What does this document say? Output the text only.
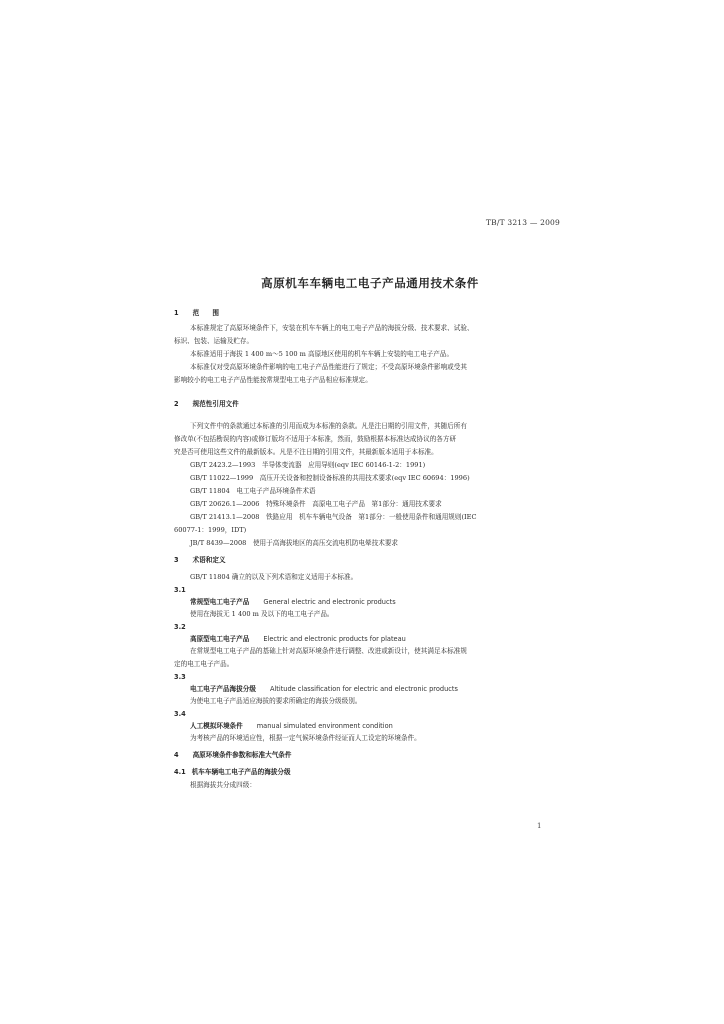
TB/T 3213 — 2009
高原机车车辆电工电子产品通用技术条件
1 范　　围
本标准规定了高原环境条件下，安装在机车车辆上的电工电子产品的海拔分级、技术要求、试验、
标识、包装、运输及贮存。
本标准适用于海拔 1 400 m～5 100 m 高原地区使用的机车车辆上安装的电工电子产品。
本标准仅对受高原环境条件影响的电工电子产品性能进行了规定；不受高原环境条件影响或受其
影响较小的电工电子产品性能按常规型电工电子产品相应标准规定。
2 规范性引用文件
下列文件中的条款通过本标准的引用而成为本标准的条款。凡是注日期的引用文件，其随后所有
修改单(不包括勘误的内容)或修订版均不适用于本标准，然而，鼓励根据本标准达成协议的各方研
究是否可使用这些文件的最新版本。凡是不注日期的引用文件，其最新版本适用于本标准。
GB/T 2423.2—1993　半导体变流器　应用导则(eqv IEC 60146-1-2：1991)
GB/T 11022—1999　高压开关设备和控制设备标准的共用技术要求(eqv IEC 60694：1996)
GB/T 11804　电工电子产品环境条件术语
GB/T 20626.1—2006　特殊环境条件　高原电工电子产品　第1部分：通用技术要求
GB/T 21413.1—2008　铁路应用　机车车辆电气设备　第1部分：一般使用条件和通用规则(IEC
60077-1：1999，IDT)
JB/T 8439—2008　使用于高海拔地区的高压交流电机防电晕技术要求
3 术语和定义
GB/T 11804 确立的以及下列术语和定义适用于本标准。
3.1
常规型电工电子产品 General electric and electronic products
使用在海拔无 1 400 m 及以下的电工电子产品。
3.2
高原型电工电子产品 Electric and electronic products for plateau
在常规型电工电子产品的基础上针对高原环境条件进行调整、改进或新设计，使其满足本标准规
定的电工电子产品。
3.3
电工电子产品海拔分级 Altitude classification for electric and electronic products
为使电工电子产品适应海拔的要求所确定的海拔分级级别。
3.4
人工模拟环境条件 manual simulated environment condition
为考核产品的环境适应性，根据一定气候环境条件经证而人工设定的环境条件。
4 高原环境条件参数和标准大气条件
4.1 机车车辆电工电子产品的海拔分级
根据海拔共分成四级：
1
